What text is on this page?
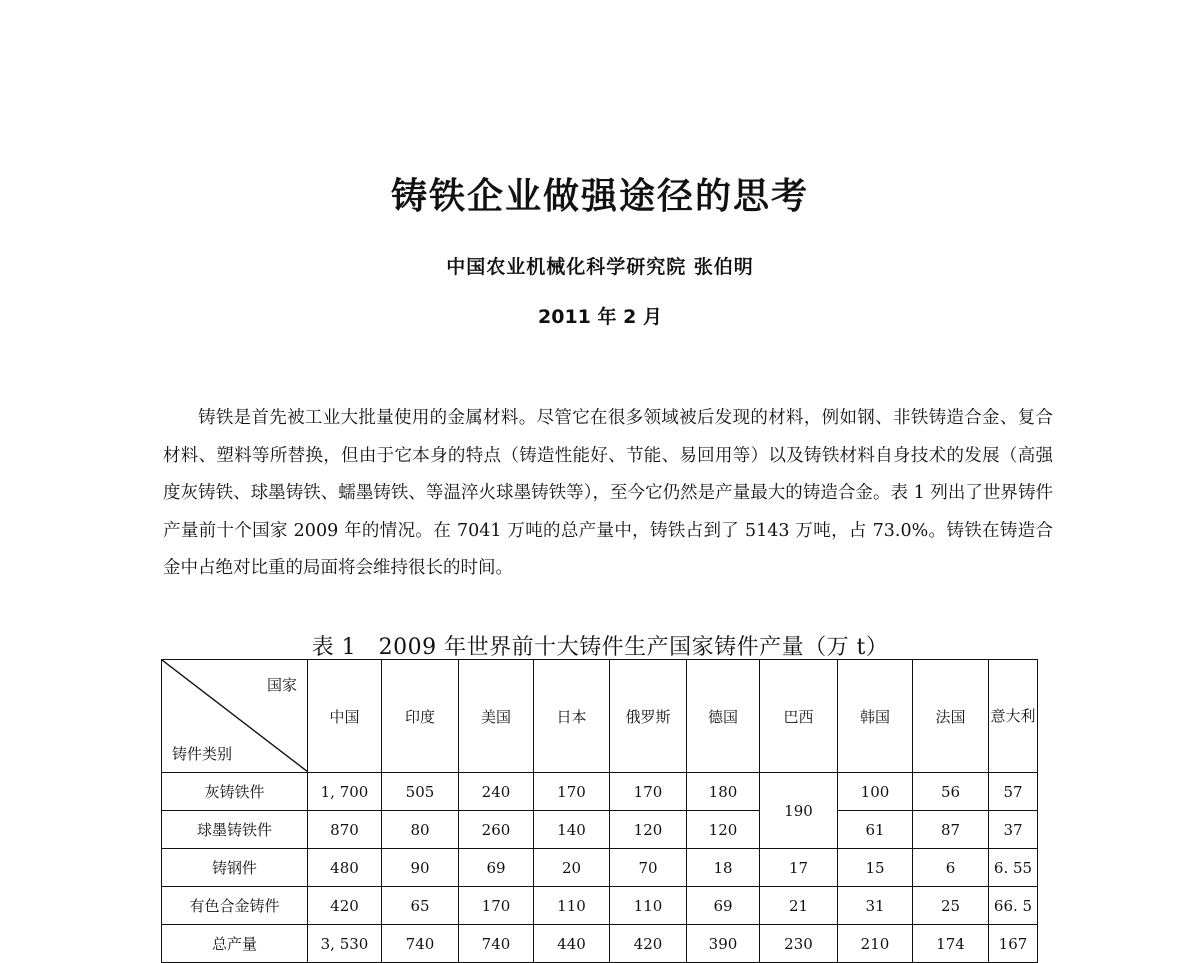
铸铁企业做强途径的思考
中国农业机械化科学研究院 张伯明
2011 年 2 月

铸铁是首先被工业大批量使用的金属材料。尽管它在很多领域被后发现的材料，例如钢、非铁铸造合金、复合材料、塑料等所替换，但由于它本身的特点（铸造性能好、节能、易回用等）以及铸铁材料自身技术的发展（高强度灰铸铁、球墨铸铁、蠕墨铸铁、等温淬火球墨铸铁等），至今它仍然是产量最大的铸造合金。表 1 列出了世界铸件产量前十个国家 2009 年的情况。在 7041 万吨的总产量中，铸铁占到了 5143 万吨，占 73.0%。铸铁在铸造合金中占绝对比重的局面将会维持很长的时间。

表 1　2009 年世界前十大铸件生产国家铸件产量（万 t）
国家
铸件类别	中国	印度	美国	日本	俄罗斯	德国	巴西	韩国	法国	意大利
灰铸铁件	1, 700	505	240	170	170	180	190	100	56	57
球墨铸铁件	870	80	260	140	120	120		61	87	37
铸钢件	480	90	69	20	70	18	17	15	6	6. 55
有色合金铸件	420	65	170	110	110	69	21	31	25	66. 5
总产量	3, 530	740	740	440	420	390	230	210	174	167
